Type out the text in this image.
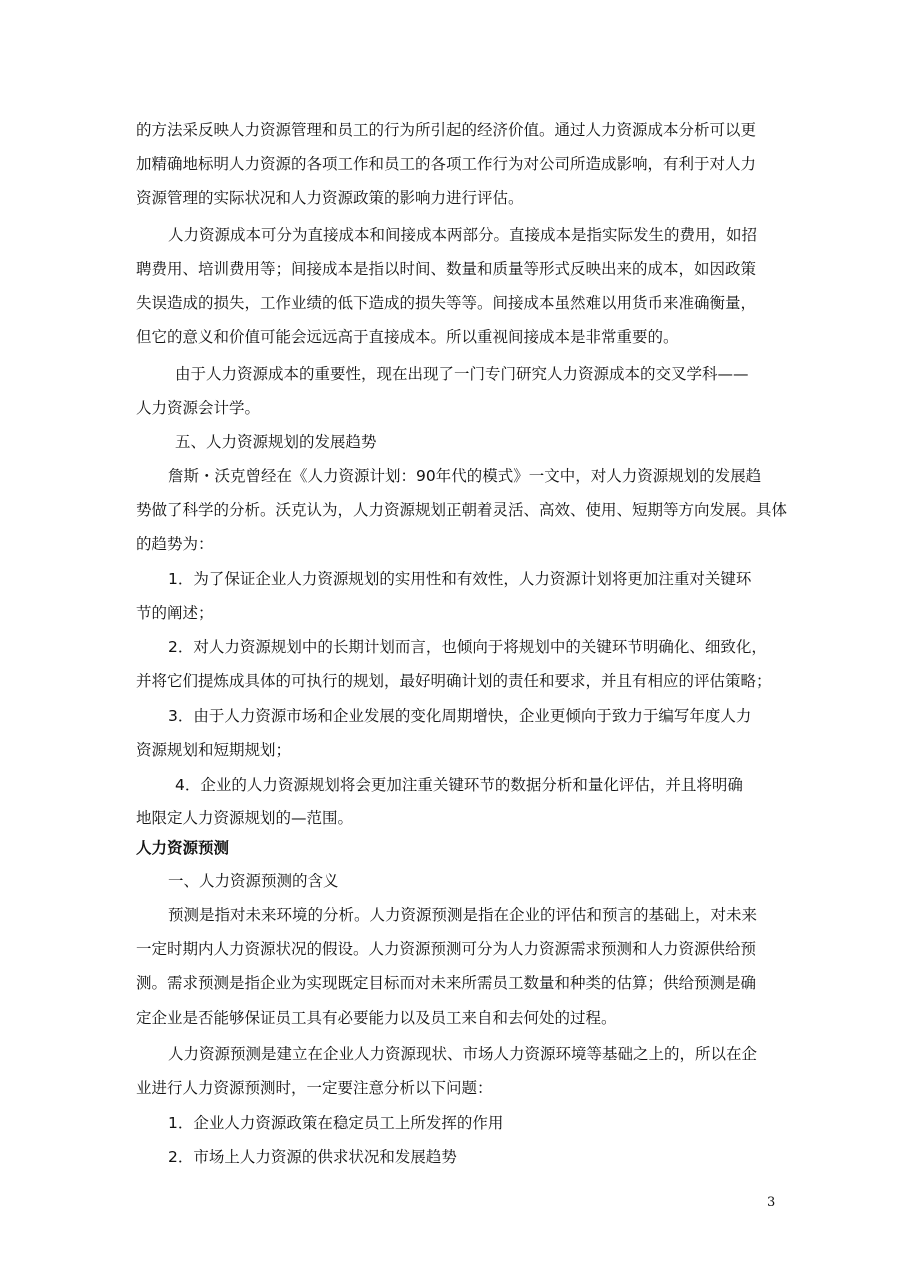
的方法采反映人力资源管理和员工的行为所引起的经济价值。通过人力资源成本分析可以更

加精确地标明人力资源的各项工作和员工的各项工作行为对公司所造成影响，有利于对人力

资源管理的实际状况和人力资源政策的影响力进行评估。

人力资源成本可分为直接成本和间接成本两部分。直接成本是指实际发生的费用，如招

聘费用、培训费用等；间接成本是指以时间、数量和质量等形式反映出来的成本，如因政策

失误造成的损失，工作业绩的低下造成的损失等等。间接成本虽然难以用货币来准确衡量，

但它的意义和价值可能会远远高于直接成本。所以重视间接成本是非常重要的。

由于人力资源成本的重要性，现在出现了一门专门研究人力资源成本的交叉学科——

人力资源会计学。

五、人力资源规划的发展趋势

詹斯・沃克曾经在《人力资源计划：90年代的模式》一文中，对人力资源规划的发展趋

势做了科学的分析。沃克认为，人力资源规划正朝着灵活、高效、使用、短期等方向发展。具体

的趋势为：

1．为了保证企业人力资源规划的实用性和有效性，人力资源计划将更加注重对关键环

节的阐述；

2．对人力资源规划中的长期计划而言，也倾向于将规划中的关键环节明确化、细致化，

并将它们提炼成具体的可执行的规划，最好明确计划的责任和要求，并且有相应的评估策略；

3．由于人力资源市场和企业发展的变化周期增快，企业更倾向于致力于编写年度人力

资源规划和短期规划；

4．企业的人力资源规划将会更加注重关键环节的数据分析和量化评估，并且将明确

地限定人力资源规划的—范围。

人力资源预测

一、人力资源预测的含义

预测是指对未来环境的分析。人力资源预测是指在企业的评估和预言的基础上，对未来

一定时期内人力资源状况的假设。人力资源预测可分为人力资源需求预测和人力资源供给预

测。需求预测是指企业为实现既定目标而对未来所需员工数量和种类的估算；供给预测是确

定企业是否能够保证员工具有必要能力以及员工来自和去何处的过程。

人力资源预测是建立在企业人力资源现状、市场人力资源环境等基础之上的，所以在企

业进行人力资源预测时，一定要注意分析以下问题：

1．企业人力资源政策在稳定员工上所发挥的作用

2．市场上人力资源的供求状况和发展趋势

3
